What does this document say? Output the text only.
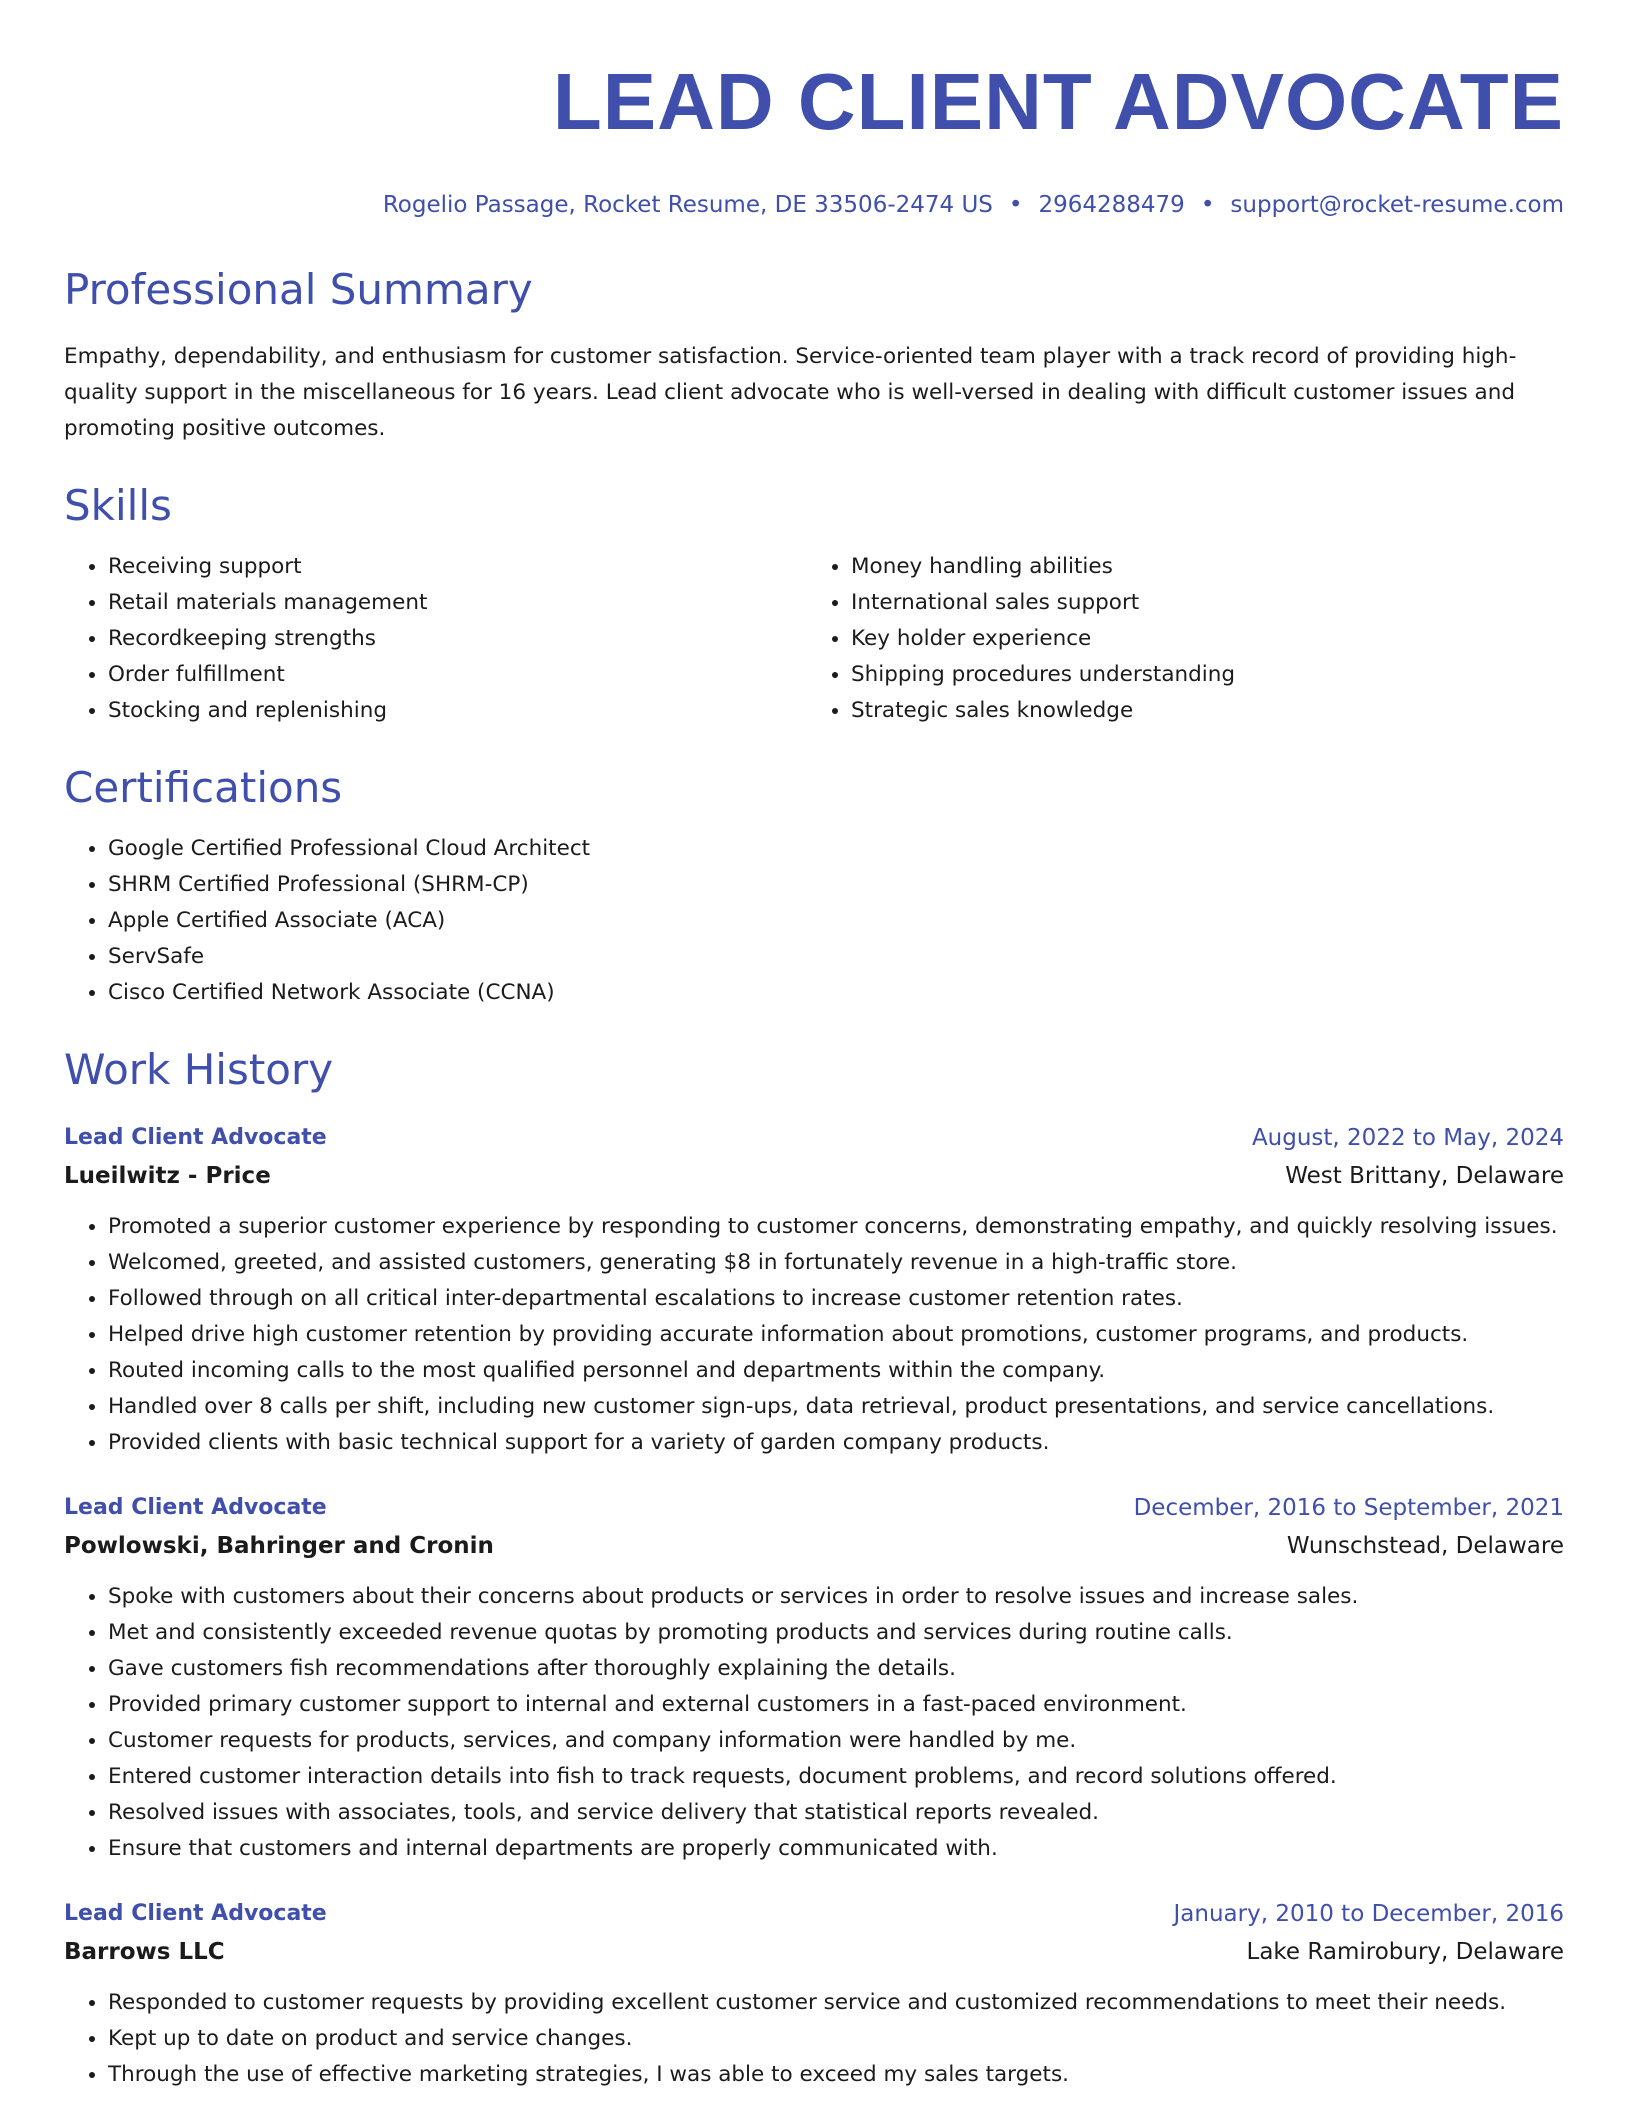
LEAD CLIENT ADVOCATE
Rogelio Passage, Rocket Resume, DE 33506-2474 US • 2964288479 • support@rocket-resume.com
Professional Summary

Empathy, dependability, and enthusiasm for customer satisfaction. Service-oriented team player with a track record of providing high-quality support in the miscellaneous for 16 years. Lead client advocate who is well-versed in dealing with difficult customer issues and promoting positive outcomes.

Skills
• Receiving support
• Retail materials management
• Recordkeeping strengths
• Order fulfillment
• Stocking and replenishing
• Money handling abilities
• International sales support
• Key holder experience
• Shipping procedures understanding
• Strategic sales knowledge
Certifications
• Google Certified Professional Cloud Architect
• SHRM Certified Professional (SHRM-CP)
• Apple Certified Associate (ACA)
• ServSafe
• Cisco Certified Network Associate (CCNA)
Work History
Lead Client Advocate	August, 2022 to May, 2024
Lueilwitz - Price	West Brittany, Delaware
• Promoted a superior customer experience by responding to customer concerns, demonstrating empathy, and quickly resolving issues.
• Welcomed, greeted, and assisted customers, generating $8 in fortunately revenue in a high-traffic store.
• Followed through on all critical inter-departmental escalations to increase customer retention rates.
• Helped drive high customer retention by providing accurate information about promotions, customer programs, and products.
• Routed incoming calls to the most qualified personnel and departments within the company.
• Handled over 8 calls per shift, including new customer sign-ups, data retrieval, product presentations, and service cancellations.
• Provided clients with basic technical support for a variety of garden company products.
Lead Client Advocate	December, 2016 to September, 2021
Powlowski, Bahringer and Cronin	Wunschstead, Delaware
• Spoke with customers about their concerns about products or services in order to resolve issues and increase sales.
• Met and consistently exceeded revenue quotas by promoting products and services during routine calls.
• Gave customers fish recommendations after thoroughly explaining the details.
• Provided primary customer support to internal and external customers in a fast-paced environment.
• Customer requests for products, services, and company information were handled by me.
• Entered customer interaction details into fish to track requests, document problems, and record solutions offered.
• Resolved issues with associates, tools, and service delivery that statistical reports revealed.
• Ensure that customers and internal departments are properly communicated with.
Lead Client Advocate	January, 2010 to December, 2016
Barrows LLC	Lake Ramirobury, Delaware
• Responded to customer requests by providing excellent customer service and customized recommendations to meet their needs.
• Kept up to date on product and service changes.
• Through the use of effective marketing strategies, I was able to exceed my sales targets.
